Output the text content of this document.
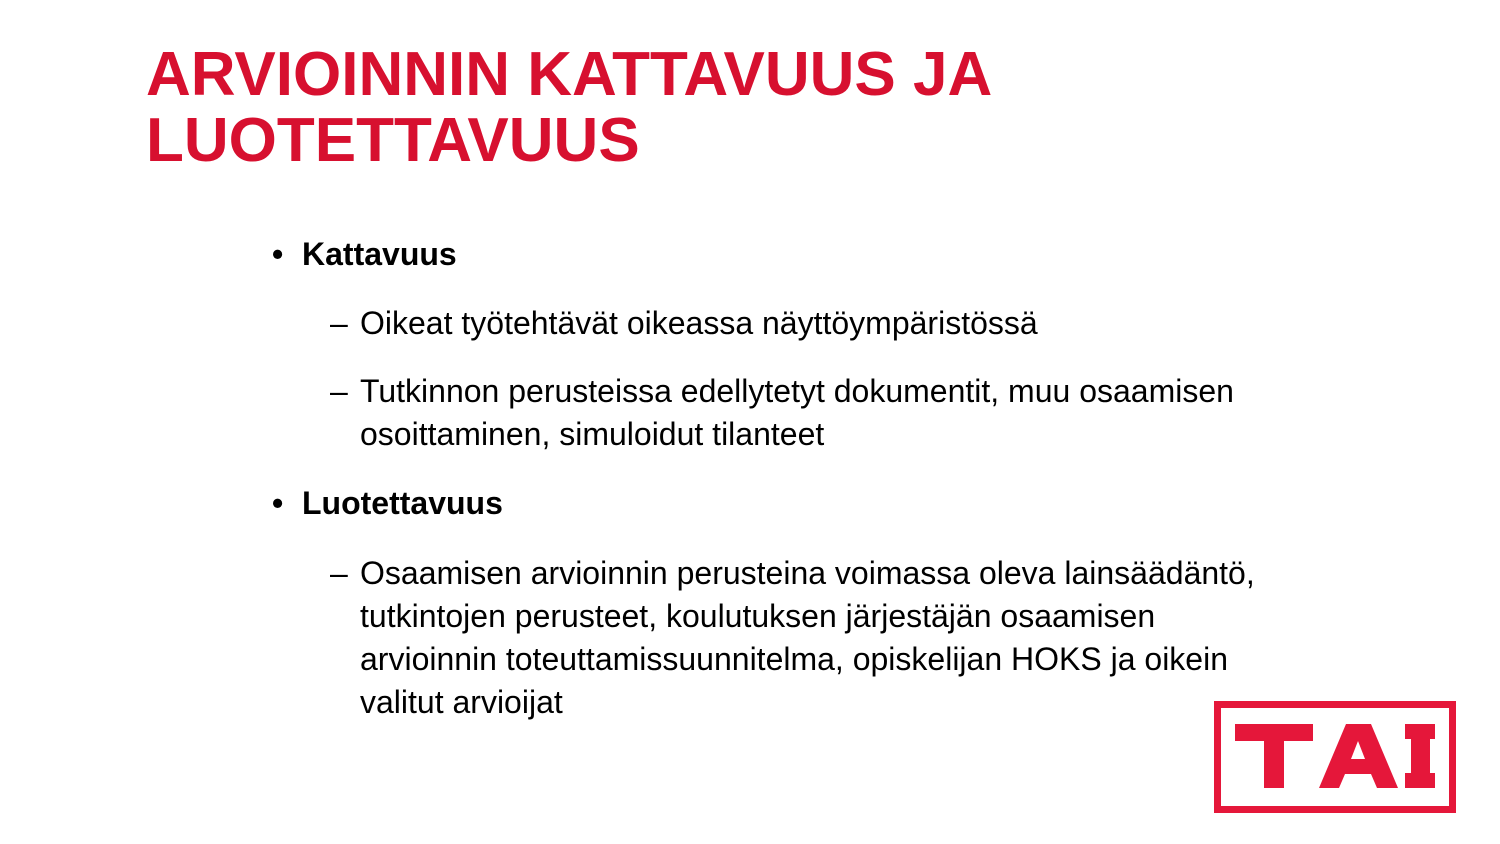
ARVIOINNIN KATTAVUUS JA
LUOTETTAVUUS
• Kattavuus
– Oikeat työtehtävät oikeassa näyttöympäristössä
– Tutkinnon perusteissa edellytetyt dokumentit, muu osaamisen osoittaminen, simuloidut tilanteet
• Luotettavuus
– Osaamisen arvioinnin perusteina voimassa oleva lainsäädäntö, tutkintojen perusteet, koulutuksen järjestäjän osaamisen arvioinnin toteuttamissuunnitelma, opiskelijan HOKS ja oikein valitut arvioijat
